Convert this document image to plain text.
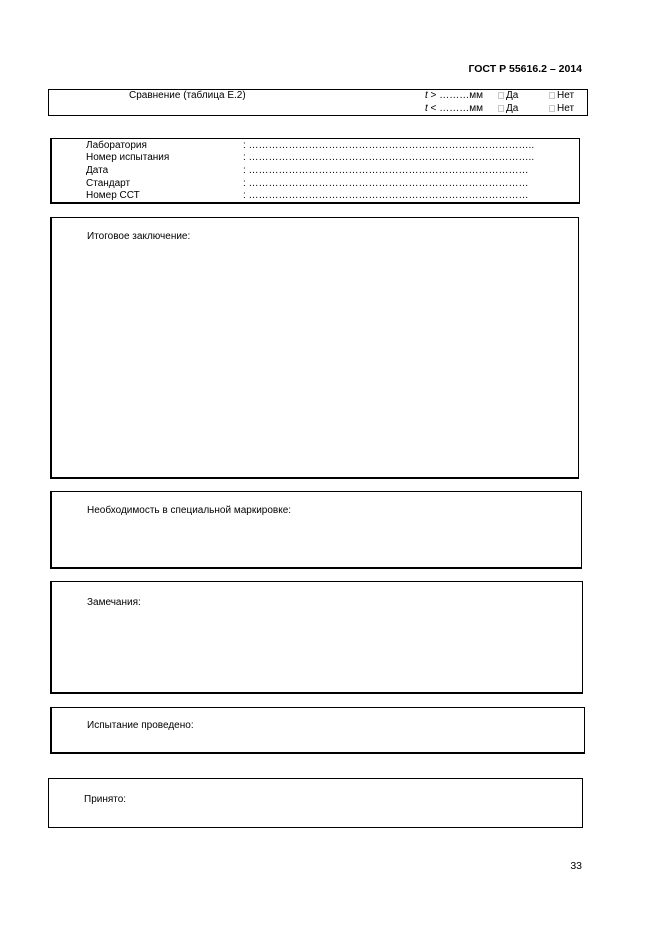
ГОСТ Р 55616.2 – 2014
Сравнение (таблица Е.2)	t > ………мм	Да	Нет
t < ………мм	Да	Нет
Лаборатория	: …………………………………………………………………………..
Номер испытания	: …………………………………………………………………………..
Дата	: …………………………………………………………………………
Стандарт	: …………………………………………………………………………
Номер ССТ	: …………………………………………………………………………
Итоговое заключение:
Необходимость в специальной маркировке:
Замечания:
Испытание проведено:
Принято:
33
